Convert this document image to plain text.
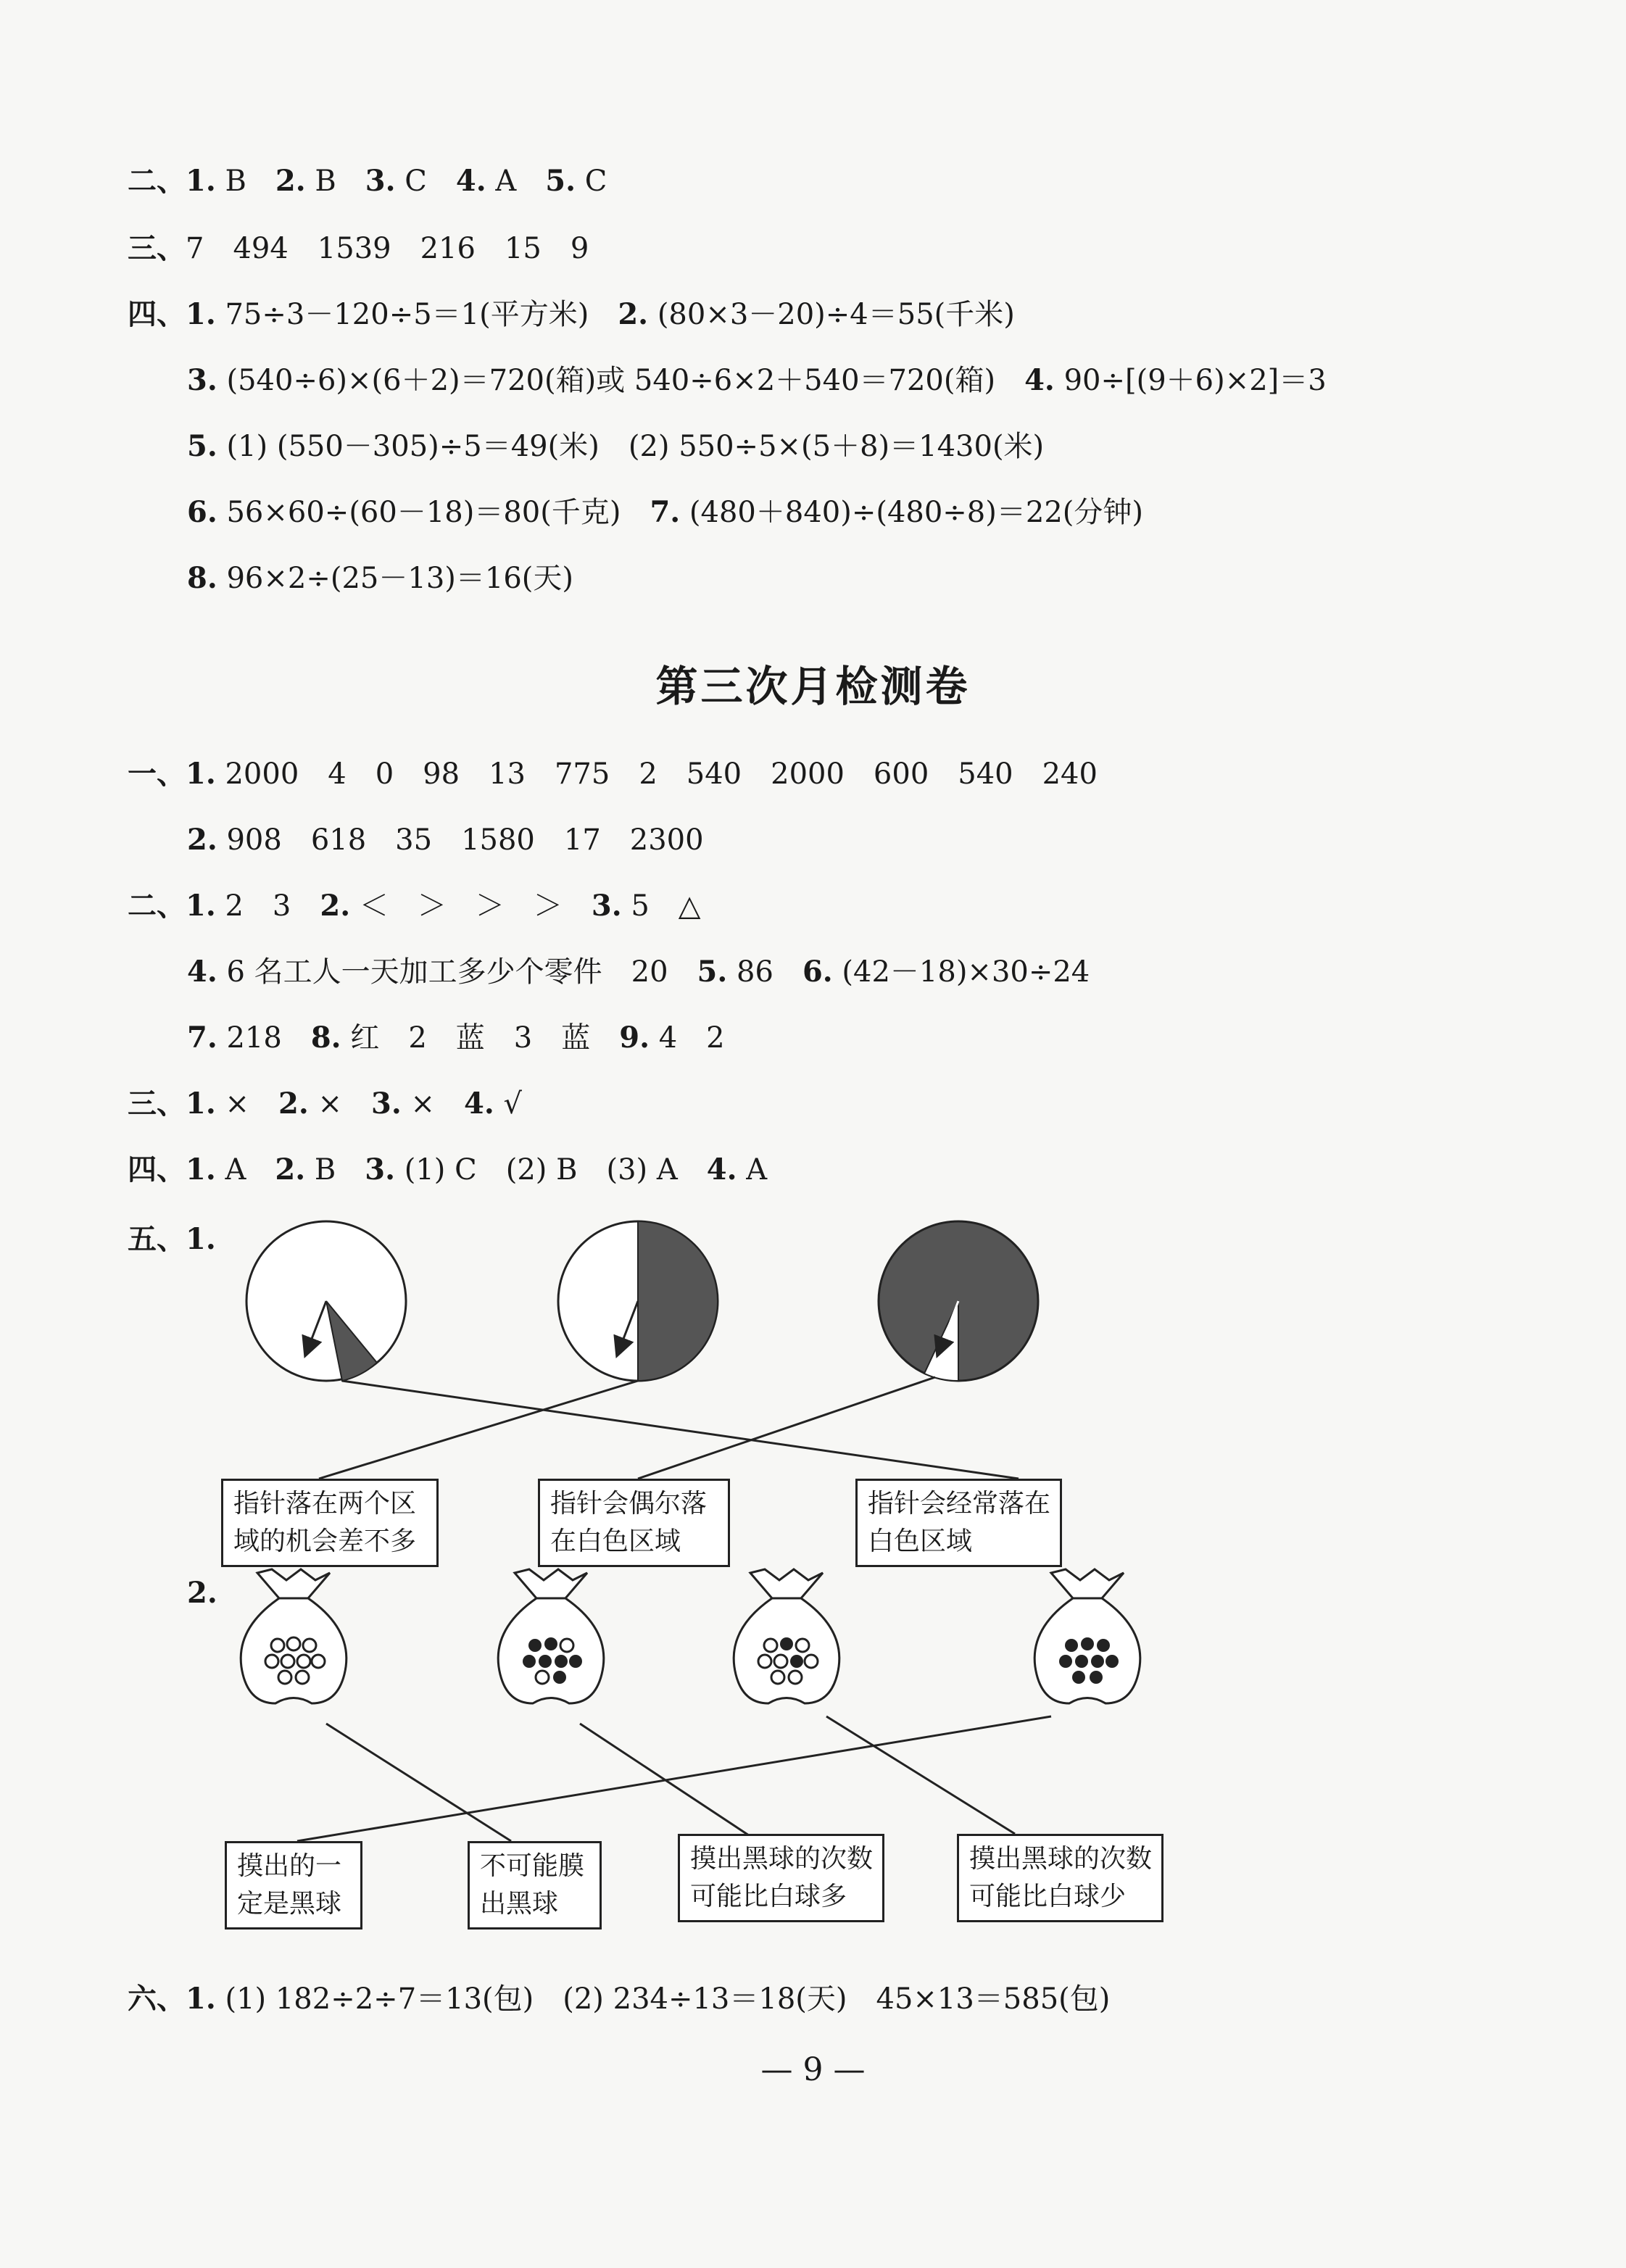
二、1. B　 2. B　 3. C　 4. A　 5. C
三、7　494　1539　216　15　9
四、1. 75÷3－120÷5＝1(平方米)　 2. (80×3－20)÷4＝55(千米)
3. (540÷6)×(6＋2)＝720(箱)或 540÷6×2＋540＝720(箱)　 4. 90÷[(9＋6)×2]＝3
5. (1) (550－305)÷5＝49(米)　(2) 550÷5×(5＋8)＝1430(米)
6. 56×60÷(60－18)＝80(千克)　 7. (480＋840)÷(480÷8)＝22(分钟)
8. 96×2÷(25－13)＝16(天)
第三次月检测卷
一、1. 2000　4　0　98　13　775　2　540　2000　600　540　240
2. 908　618　35　1580　17　2300
二、1. 2　3　 2. ＜　＞　＞　＞　 3. 5　△
4. 6 名工人一天加工多少个零件　20　 5. 86　 6. (42－18)×30÷24
7. 218　 8. 红　2　蓝　3　蓝　 9. 4　2
三、1. ×　 2. ×　 3. ×　 4. √
四、1. A　 2. B　 3. (1) C　(2) B　(3) A　 4. A
五、1.
指针落在两个区
域的机会差不多
指针会偶尔落
在白色区域
指针会经常落在
白色区域
2.
摸出的一
定是黑球
不可能膜
出黑球
摸出黑球的次数
可能比白球多
摸出黑球的次数
可能比白球少
六、1. (1) 182÷2÷7＝13(包)　(2) 234÷13＝18(天)　45×13＝585(包)
— 9 —
